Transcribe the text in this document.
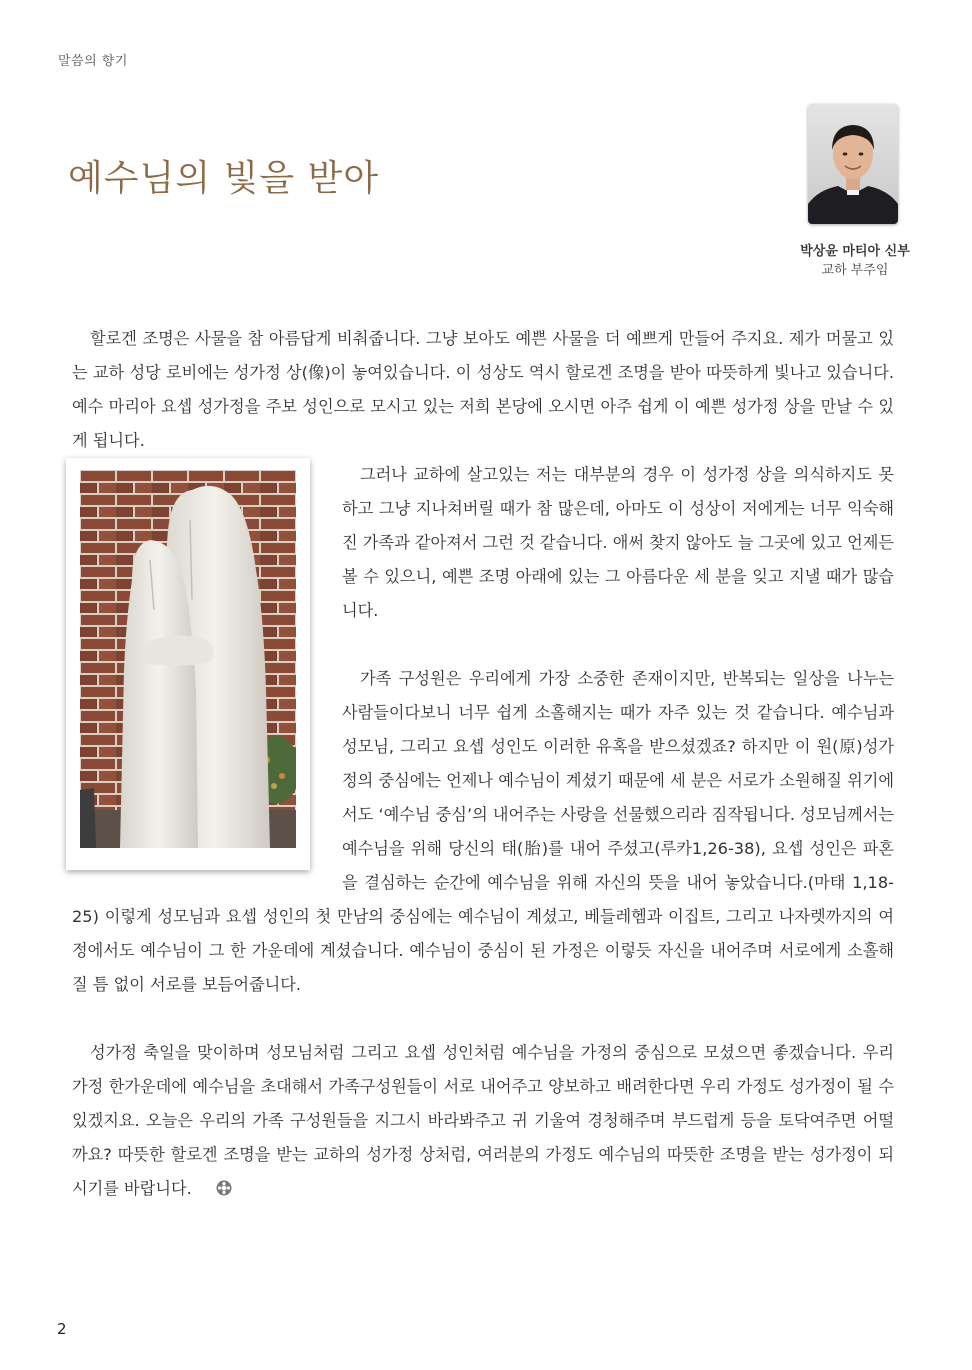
말씀의 향기
예수님의 빛을 받아
박상윤 마티아 신부
교하 부주임

할로겐 조명은 사물을 참 아름답게 비춰줍니다. 그냥 보아도 예쁜 사물을 더 예쁘게 만들어 주지요. 제가 머물고 있는 교하 성당 로비에는 성가정 상(像)이 놓여있습니다. 이 성상도 역시 할로겐 조명을 받아 따뜻하게 빛나고 있습니다. 예수 마리아 요셉 성가정을 주보 성인으로 모시고 있는 저희 본당에 오시면 아주 쉽게 이 예쁜 성가정 상을 만날 수 있게 됩니다.

그러나 교하에 살고있는 저는 대부분의 경우 이 성가정 상을 의식하지도 못하고 그냥 지나쳐버릴 때가 참 많은데, 아마도 이 성상이 저에게는 너무 익숙해진 가족과 같아져서 그런 것 같습니다. 애써 찾지 않아도 늘 그곳에 있고 언제든 볼 수 있으니, 예쁜 조명 아래에 있는 그 아름다운 세 분을 잊고 지낼 때가 많습니다.

가족 구성원은 우리에게 가장 소중한 존재이지만, 반복되는 일상을 나누는 사람들이다보니 너무 쉽게 소홀해지는 때가 자주 있는 것 같습니다. 예수님과 성모님, 그리고 요셉 성인도 이러한 유혹을 받으셨겠죠? 하지만 이 원(原)성가정의 중심에는 언제나 예수님이 계셨기 때문에 세 분은 서로가 소원해질 위기에서도 ‘예수님 중심’의 내어주는 사랑을 선물했으리라 짐작됩니다. 성모님께서는 예수님을 위해 당신의 태(胎)를 내어 주셨고(루카1,26-38), 요셉 성인은 파혼을 결심하는 순간에 예수님을 위해 자신의 뜻을 내어 놓았습니다.(마태 1,18-25) 이렇게 성모님과 요셉 성인의 첫 만남의 중심에는 예수님이 계셨고, 베들레헴과 이집트, 그리고 나자렛까지의 여정에서도 예수님이 그 한 가운데에 계셨습니다. 예수님이 중심이 된 가정은 이렇듯 자신을 내어주며 서로에게 소홀해질 틈 없이 서로를 보듬어줍니다.

성가정 축일을 맞이하며 성모님처럼 그리고 요셉 성인처럼 예수님을 가정의 중심으로 모셨으면 좋겠습니다. 우리 가정 한가운데에 예수님을 초대해서 가족구성원들이 서로 내어주고 양보하고 배려한다면 우리 가정도 성가정이 될 수 있겠지요. 오늘은 우리의 가족 구성원들을 지그시 바라봐주고 귀 기울여 경청해주며 부드럽게 등을 토닥여주면 어떨까요? 따뜻한 할로겐 조명을 받는 교하의 성가정 상처럼, 여러분의 가정도 예수님의 따뜻한 조명을 받는 성가정이 되시기를 바랍니다.

2
